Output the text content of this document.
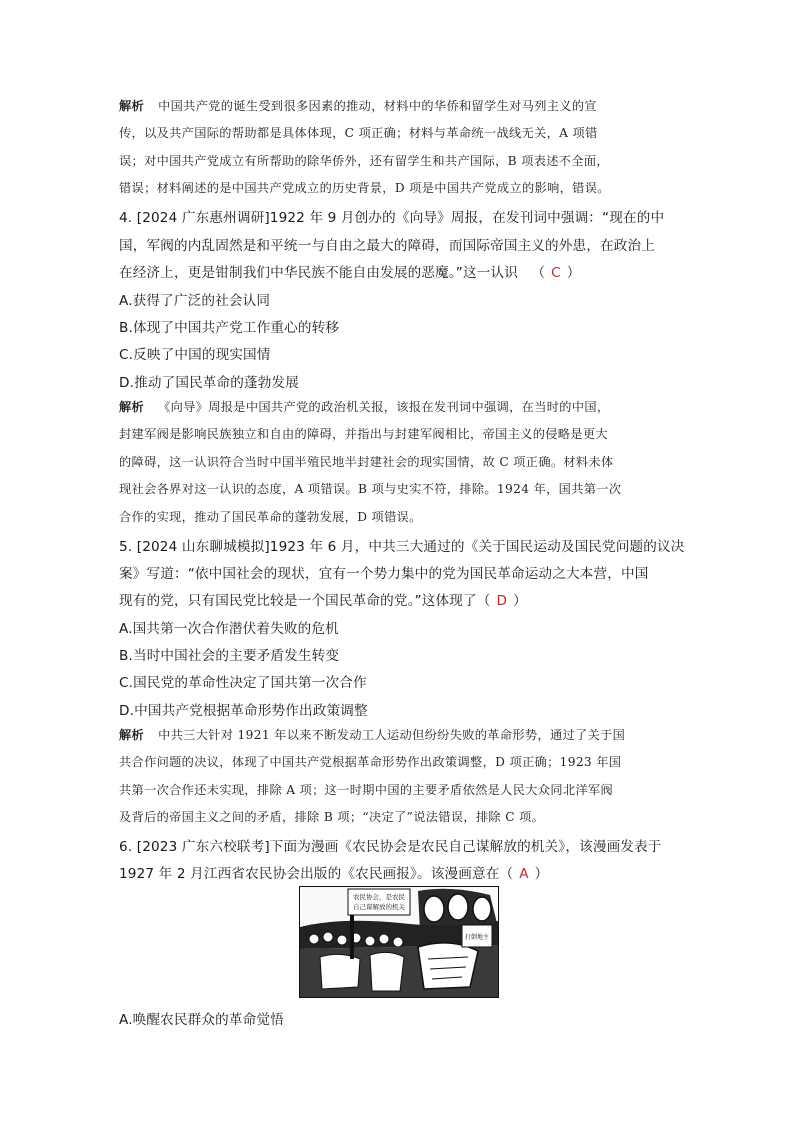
解析 中国共产党的诞生受到很多因素的推动，材料中的华侨和留学生对马列主义的宣
传，以及共产国际的帮助都是具体体现，C 项正确；材料与革命统一战线无关，A 项错
误；对中国共产党成立有所帮助的除华侨外，还有留学生和共产国际，B 项表述不全面，
错误；材料阐述的是中国共产党成立的历史背景，D 项是中国共产党成立的影响，错误。
4. [2024 广东惠州调研]1922 年 9 月创办的《向导》周报，在发刊词中强调：“现在的中
国，军阀的内乱固然是和平统一与自由之最大的障碍，而国际帝国主义的外患，在政治上
在经济上，更是钳制我们中华民族不能自由发展的恶魔。”这一认识 （ C ）
A.获得了广泛的社会认同
B.体现了中国共产党工作重心的转移
C.反映了中国的现实国情
D.推动了国民革命的蓬勃发展
解析 《向导》周报是中国共产党的政治机关报，该报在发刊词中强调，在当时的中国，
封建军阀是影响民族独立和自由的障碍，并指出与封建军阀相比，帝国主义的侵略是更大
的障碍，这一认识符合当时中国半殖民地半封建社会的现实国情，故 C 项正确。材料未体
现社会各界对这一认识的态度，A 项错误。B 项与史实不符，排除。1924 年，国共第一次
合作的实现，推动了国民革命的蓬勃发展，D 项错误。
5. [2024 山东聊城模拟]1923 年 6 月，中共三大通过的《关于国民运动及国民党问题的议决
案》写道：“依中国社会的现状，宜有一个势力集中的党为国民革命运动之大本营，中国
现有的党，只有国民党比较是一个国民革命的党。”这体现了（ D ）
A.国共第一次合作潜伏着失败的危机
B.当时中国社会的主要矛盾发生转变
C.国民党的革命性决定了国共第一次合作
D.中国共产党根据革命形势作出政策调整
解析 中共三大针对 1921 年以来不断发动工人运动但纷纷失败的革命形势，通过了关于国
共合作问题的决议，体现了中国共产党根据革命形势作出政策调整，D 项正确；1923 年国
共第一次合作还未实现，排除 A 项；这一时期中国的主要矛盾依然是人民大众同北洋军阀
及背后的帝国主义之间的矛盾，排除 B 项；“决定了”说法错误，排除 C 项。
6. [2023 广东六校联考]下面为漫画《农民协会是农民自己谋解放的机关》，该漫画发表于
1927 年 2 月江西省农民协会出版的《农民画报》。该漫画意在（ A ）
农民协会，是农民
自己谋解放的机关
打倒地主
A.唤醒农民群众的革命觉悟
